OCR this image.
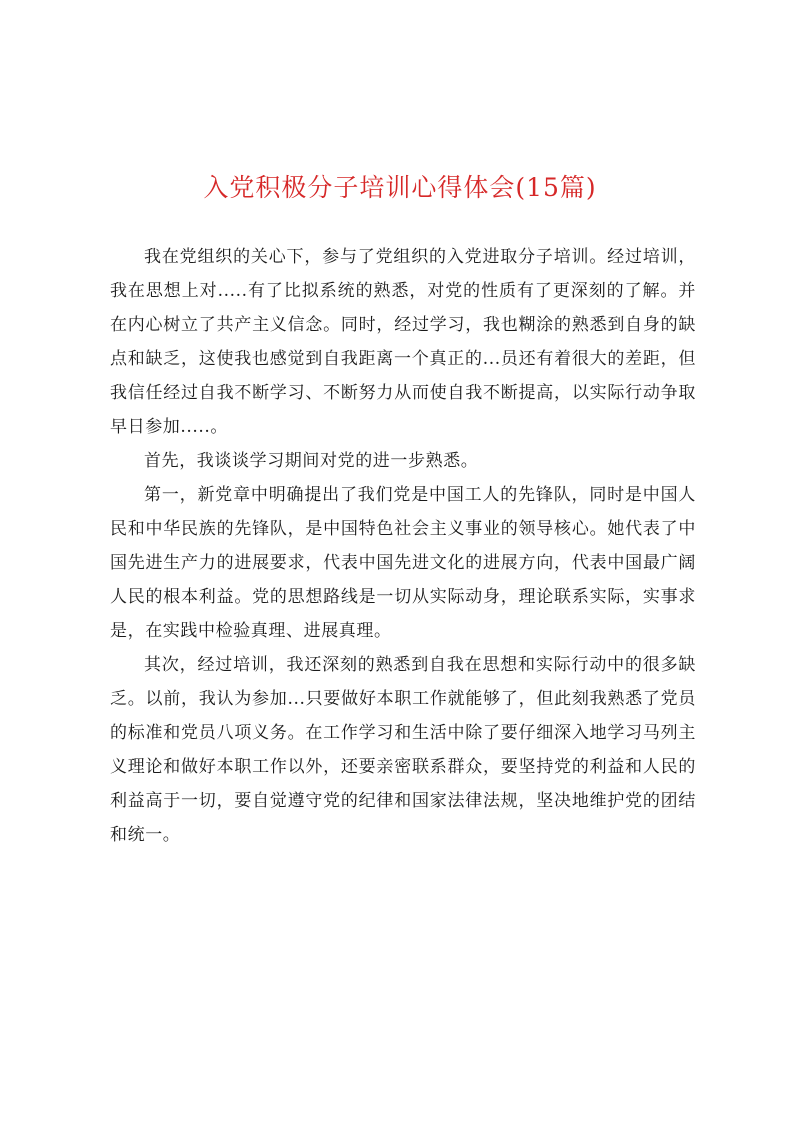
入党积极分子培训心得体会(15篇)

我在党组织的关心下，参与了党组织的入党进取分子培训。经过培训，我在思想上对.....有了比拟系统的熟悉，对党的性质有了更深刻的了解。并在内心树立了共产主义信念。同时，经过学习，我也糊涂的熟悉到自身的缺点和缺乏，这使我也感觉到自我距离一个真正的...员还有着很大的差距，但我信任经过自我不断学习、不断努力从而使自我不断提高，以实际行动争取早日参加.....。

首先，我谈谈学习期间对党的进一步熟悉。

第一，新党章中明确提出了我们党是中国工人的先锋队，同时是中国人民和中华民族的先锋队，是中国特色社会主义事业的领导核心。她代表了中国先进生产力的进展要求，代表中国先进文化的进展方向，代表中国最广阔人民的根本利益。党的思想路线是一切从实际动身，理论联系实际，实事求是，在实践中检验真理、进展真理。

其次，经过培训，我还深刻的熟悉到自我在思想和实际行动中的很多缺乏。以前，我认为参加...只要做好本职工作就能够了，但此刻我熟悉了党员的标准和党员八项义务。在工作学习和生活中除了要仔细深入地学习马列主义理论和做好本职工作以外，还要亲密联系群众，要坚持党的利益和人民的利益高于一切，要自觉遵守党的纪律和国家法律法规，坚决地维护党的团结和统一。
